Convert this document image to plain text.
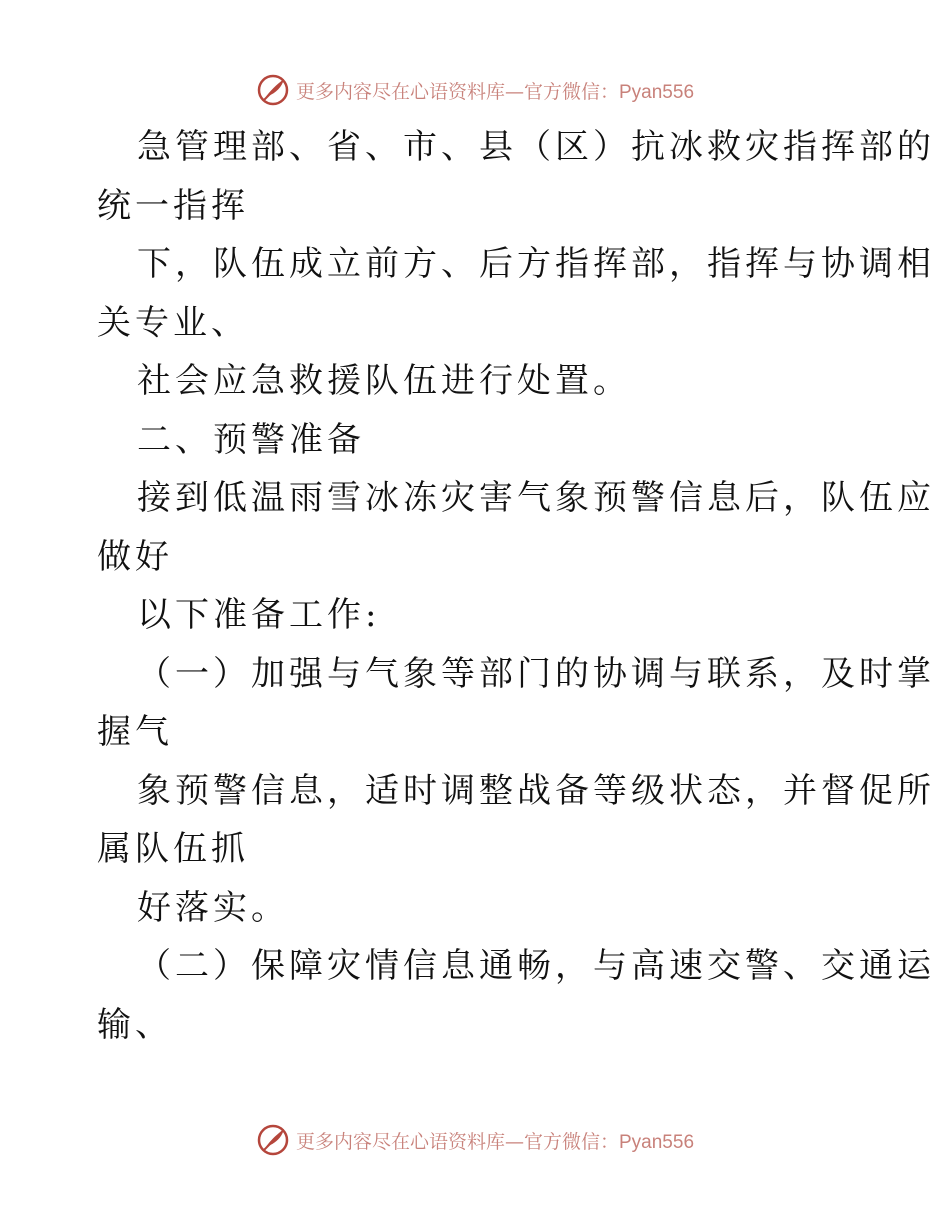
更多内容尽在心语资料库—官方微信：Pyan556
急管理部、省、市、县（区）抗冰救灾指挥部的
统一指挥
下，队伍成立前方、后方指挥部，指挥与协调相
关专业、
社会应急救援队伍进行处置。
二、预警准备
接到低温雨雪冰冻灾害气象预警信息后，队伍应
做好
以下准备工作:
（一）加强与气象等部门的协调与联系，及时掌
握气
象预警信息，适时调整战备等级状态，并督促所
属队伍抓
好落实。
（二）保障灾情信息通畅，与高速交警、交通运
输、
更多内容尽在心语资料库—官方微信：Pyan556
